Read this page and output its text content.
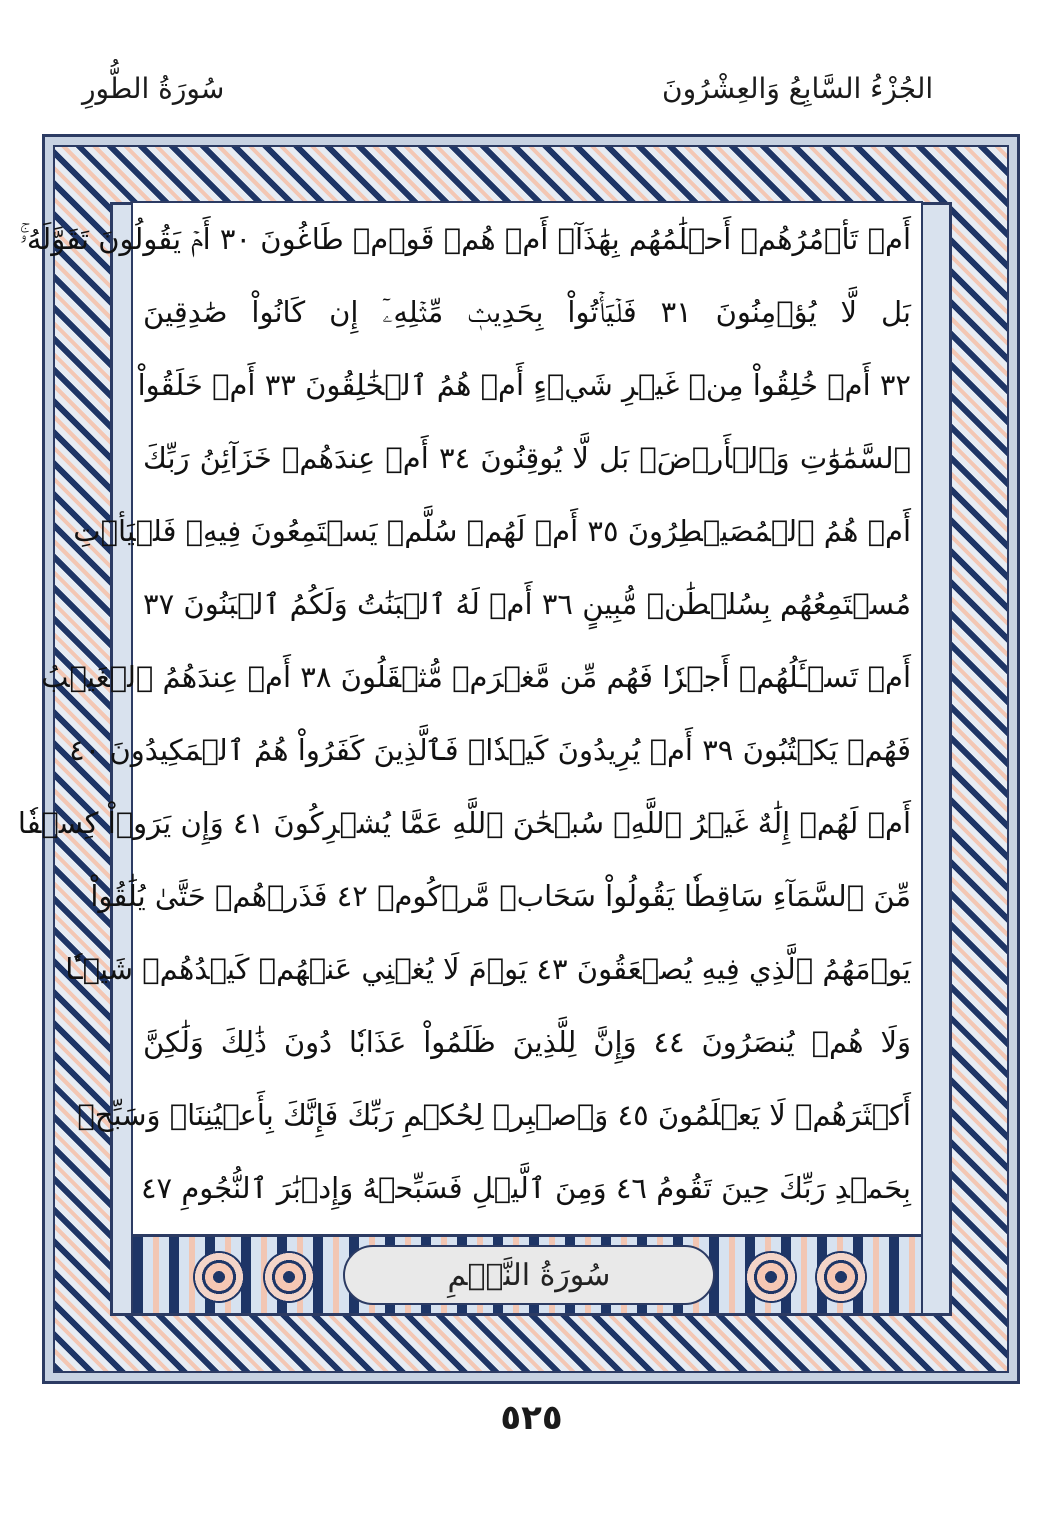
الجُزْءُ السَّابِعُ وَالعِشْرُونَ
سُورَةُ الطُّورِ
أَمۡ تَأۡمُرُهُمۡ أَحۡلَٰمُهُم بِهَٰذَآۚ أَمۡ هُمۡ قَوۡمٞ طَاغُونَ ٣٠ أَمۡ يَقُولُونَ تَقَوَّلَهُۥۚ
بَل لَّا يُؤۡمِنُونَ ٣١ فَلۡيَأۡتُواْ بِحَدِيثٖ مِّثۡلِهِۦٓ إِن كَانُواْ صَٰدِقِينَ
٣٢ أَمۡ خُلِقُواْ مِنۡ غَيۡرِ شَيۡءٍ أَمۡ هُمُ ٱلۡخَٰلِقُونَ ٣٣ أَمۡ خَلَقُواْ
ٱلسَّمَٰوَٰتِ وَٱلۡأَرۡضَۚ بَل لَّا يُوقِنُونَ ٣٤ أَمۡ عِندَهُمۡ خَزَآئِنُ رَبِّكَ
أَمۡ هُمُ ٱلۡمُصَيۡطِرُونَ ٣٥ أَمۡ لَهُمۡ سُلَّمٞ يَسۡتَمِعُونَ فِيهِۖ فَلۡيَأۡتِ
مُسۡتَمِعُهُم بِسُلۡطَٰنٖ مُّبِينٍ ٣٦ أَمۡ لَهُ ٱلۡبَنَٰتُ وَلَكُمُ ٱلۡبَنُونَ ٣٧
أَمۡ تَسۡـَٔلُهُمۡ أَجۡرٗا فَهُم مِّن مَّغۡرَمٖ مُّثۡقَلُونَ ٣٨ أَمۡ عِندَهُمُ ٱلۡغَيۡبُ
فَهُمۡ يَكۡتُبُونَ ٣٩ أَمۡ يُرِيدُونَ كَيۡدٗاۖ فَٱلَّذِينَ كَفَرُواْ هُمُ ٱلۡمَكِيدُونَ ٤٠
أَمۡ لَهُمۡ إِلَٰهٌ غَيۡرُ ٱللَّهِۚ سُبۡحَٰنَ ٱللَّهِ عَمَّا يُشۡرِكُونَ ٤١ وَإِن يَرَوۡاْ كِسۡفٗا
مِّنَ ٱلسَّمَآءِ سَاقِطٗا يَقُولُواْ سَحَابٞ مَّرۡكُومٞ ٤٢ فَذَرۡهُمۡ حَتَّىٰ يُلَٰقُواْ
يَوۡمَهُمُ ٱلَّذِي فِيهِ يُصۡعَقُونَ ٤٣ يَوۡمَ لَا يُغۡنِي عَنۡهُمۡ كَيۡدُهُمۡ شَيۡـٔٗا
وَلَا هُمۡ يُنصَرُونَ ٤٤ وَإِنَّ لِلَّذِينَ ظَلَمُواْ عَذَابٗا دُونَ ذَٰلِكَ وَلَٰكِنَّ
أَكۡثَرَهُمۡ لَا يَعۡلَمُونَ ٤٥ وَٱصۡبِرۡ لِحُكۡمِ رَبِّكَ فَإِنَّكَ بِأَعۡيُنِنَاۖ وَسَبِّحۡ
بِحَمۡدِ رَبِّكَ حِينَ تَقُومُ ٤٦ وَمِنَ ٱلَّيۡلِ فَسَبِّحۡهُ وَإِدۡبَٰرَ ٱلنُّجُومِ ٤٧
سُورَةُ النَّجۡمِ
٥٢٥
